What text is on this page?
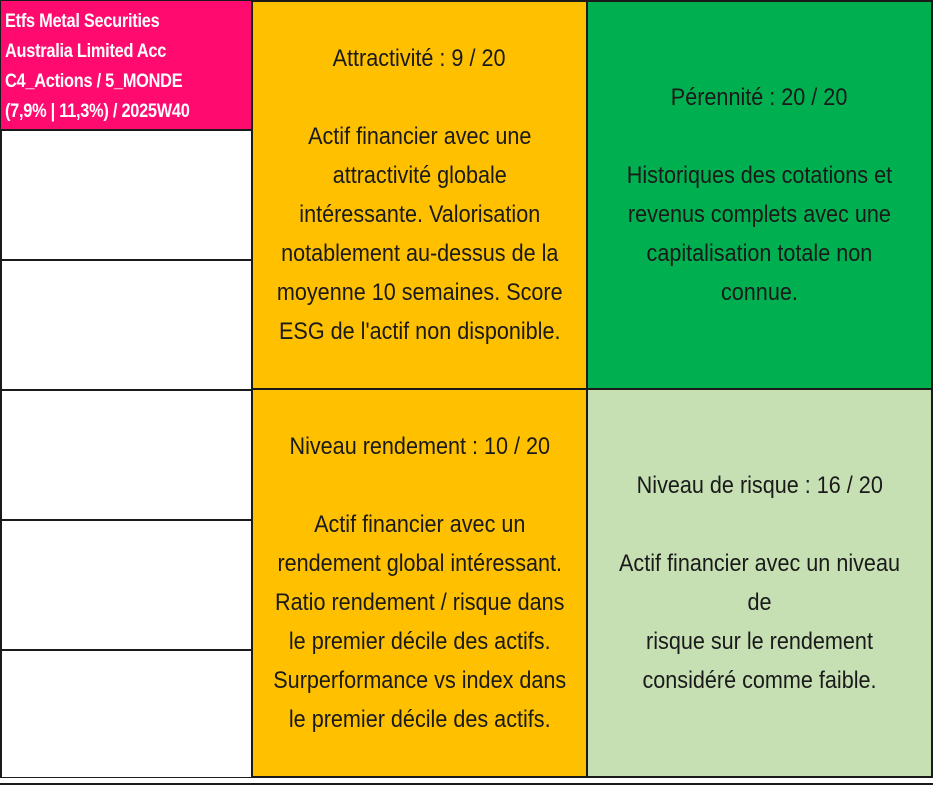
Etfs Metal Securities
Australia Limited Acc
C4_Actions / 5_MONDE
(7,9% | 11,3%) / 2025W40
Attractivité : 9 / 20
Actif financier avec une
attractivité globale
intéressante. Valorisation
notablement au-dessus de la
moyenne 10 semaines. Score
ESG de l'actif non disponible.
Pérennité : 20 / 20
Historiques des cotations et
revenus complets avec une
capitalisation totale non
connue.
Niveau rendement : 10 / 20
Actif financier avec un
rendement global intéressant.
Ratio rendement / risque dans
le premier décile des actifs.
Surperformance vs index dans
le premier décile des actifs.
Niveau de risque : 16 / 20
Actif financier avec un niveau de
risque sur le rendement
considéré comme faible.
